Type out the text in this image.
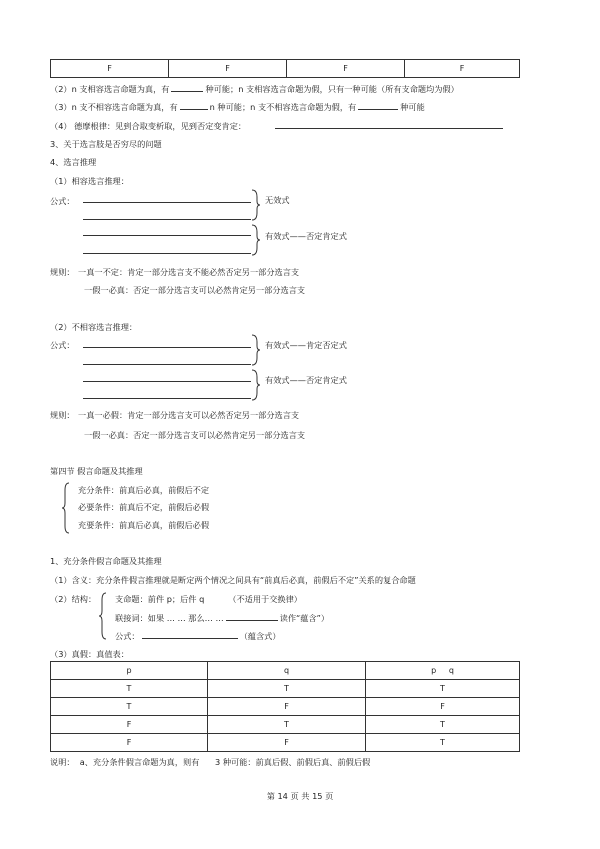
F	F	F	F
（2）n 支相容选言命题为真，有	种可能；n 支相容选言命题为假，只有一种可能（所有支命题均为假）
（3）n 支不相容选言命题为真，有	n 种可能；n 支不相容选言命题为假，有	种可能
（4） 德摩根律：见到合取变析取，见到否定变肯定：
3、关于选言肢是否穷尽的问题
4、选言推理
（1）相容选言推理：
公式：	无效式
有效式——否定肯定式
规则： 一真一不定：肯定一部分选言支不能必然否定另一部分选言支
一假一必真：否定一部分选言支可以必然肯定另一部分选言支
（2）不相容选言推理：
公式：	有效式——肯定否定式
有效式——否定肯定式
规则： 一真一必假：肯定一部分选言支可以必然否定另一部分选言支
一假一必真：否定一部分选言支可以必然肯定另一部分选言支
第四节 假言命题及其推理
充分条件：前真后必真，前假后不定
必要条件：前真后不定，前假后必假
充要条件：前真后必真，前假后必假
1、充分条件假言命题及其推理
（1）含义：充分条件假言推理就是断定两个情况之间具有“前真后必真，前假后不定”关系的复合命题
（2）结构： 支命题：前件 p；后件 q	（不适用于交换律）
联接词：如果 … … 那么… …	读作“蕴含”）
公式：	（蕴含式）
（3）真假：真值表：
p	q	p     q
T	T	T
T	F	F
F	T	T
F	F	T
说明：  a、充分条件假言命题为真，则有      3 种可能：前真后假、前假后真、前假后假
第 14 页 共 15 页
